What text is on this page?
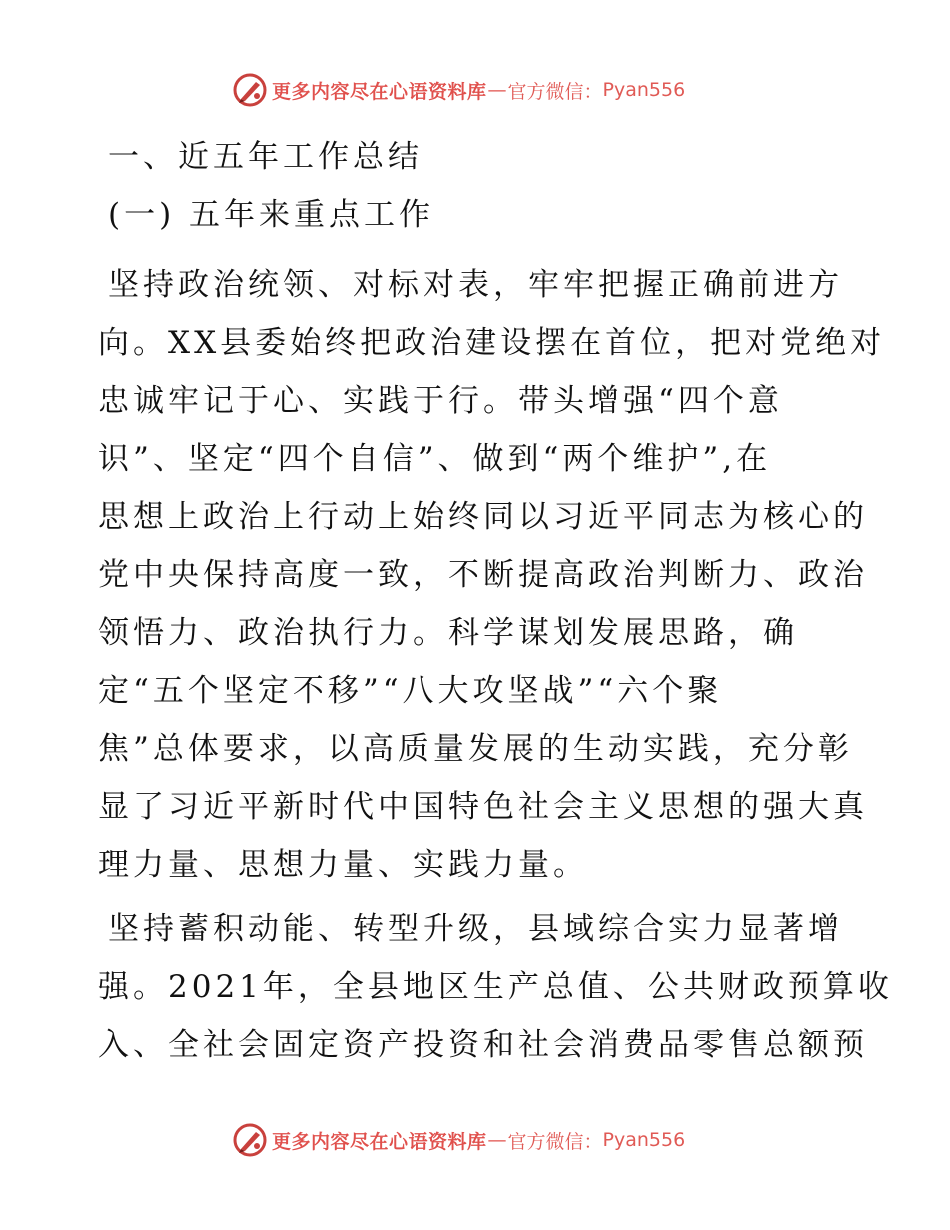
更多内容尽在心语资料库 — 官方微信： Pyan556
一、近五年工作总结
(一) 五年来重点工作
坚持政治统领、对标对表，牢牢把握正确前进方
向。XX县委始终把政治建设摆在首位，把对党绝对
忠诚牢记于心、实践于行。带头增强“四个意
识”、坚定“四个自信”、做到“两个维护”,在
思想上政治上行动上始终同以习近平同志为核心的
党中央保持高度一致，不断提高政治判断力、政治
领悟力、政治执行力。科学谋划发展思路，确
定“五个坚定不移”“八大攻坚战”“六个聚
焦”总体要求，以高质量发展的生动实践，充分彰
显了习近平新时代中国特色社会主义思想的强大真
理力量、思想力量、实践力量。
坚持蓄积动能、转型升级，县域综合实力显著增
强。2021年，全县地区生产总值、公共财政预算收
入、全社会固定资产投资和社会消费品零售总额预
更多内容尽在心语资料库 — 官方微信： Pyan556
